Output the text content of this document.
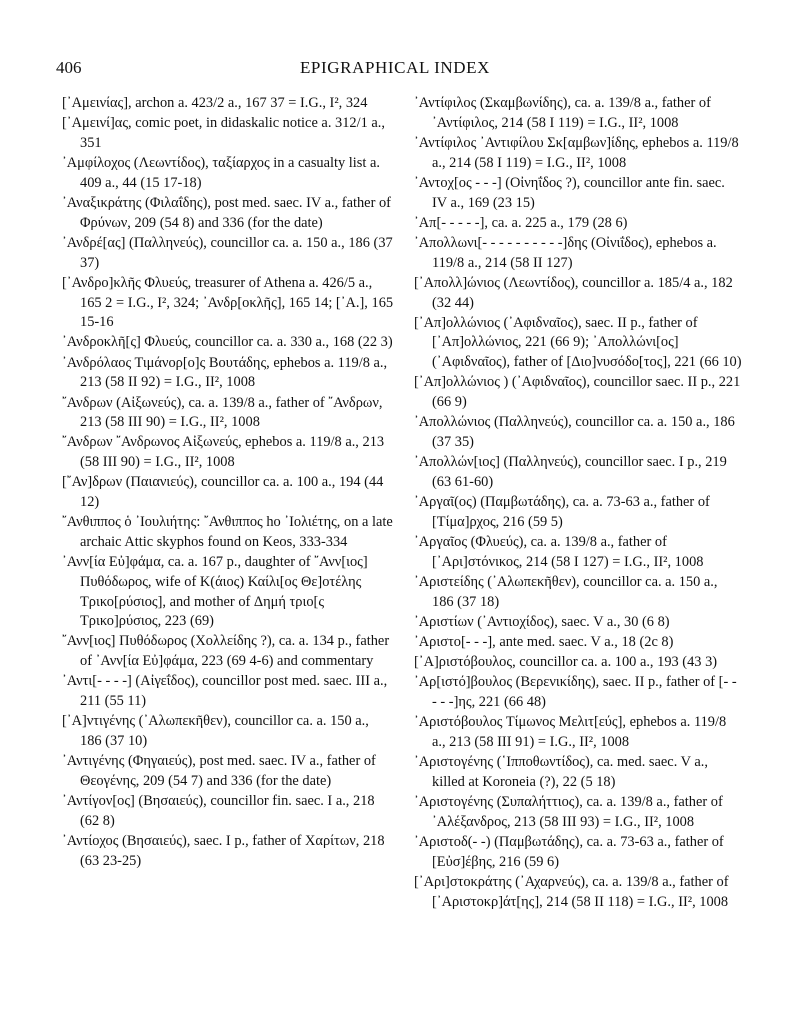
406	EPIGRAPHICAL INDEX

[᾿Αμεινίας], archon a. 423/2 a., 167 37 = I.G., I², 324

[᾿Αμεινί]ας, comic poet, in didaskalic notice a. 312/1 a., 351

᾿Αμφίλοχος (Λεωντίδος), ταξίαρχος in a casualty list a. 409 a., 44 (15 17-18)

᾿Αναξικράτης (Φιλαΐδης), post med. saec. IV a., father of Φρύνων, 209 (54 8) and 336 (for the date)

᾿Ανδρέ[ας] (Παλληνεύς), councillor ca. a. 150 a., 186 (37 37)

[᾿Ανδρο]κλῆς Φλυεύς, treasurer of Athena a. 426/5 a., 165 2 = I.G., I², 324; ᾿Ανδρ[οκλῆς], 165 14; [᾿Α.], 165 15-16

᾿Ανδροκλῆ[ς] Φλυεύς, councillor ca. a. 330 a., 168 (22 3)

᾿Ανδρόλαος Τιμάνορ[ο]ς Βουτάδης, ephebos a. 119/8 a., 213 (58 II 92) = I.G., II², 1008

῎Ανδρων (Αἰξωνεύς), ca. a. 139/8 a., father of ῎Ανδρων, 213 (58 III 90) = I.G., II², 1008

῎Ανδρων ῎Ανδρωνος Αἰξωνεύς, ephebos a. 119/8 a., 213 (58 III 90) = I.G., II², 1008

[῎Αν]δρων (Παιανιεύς), councillor ca. a. 100 a., 194 (44 12)

῎Ανθιππος ὁ ᾿Ιουλιήτης: ῎Ανθιππος ho ᾿Ιολιέτης, on a late archaic Attic skyphos found on Keos, 333-334

᾿Ανν[ία Εὐ]φάμα, ca. a. 167 p., daughter of ῎Ανν[ιος] Πυθόδωρος, wife of Κ(άιος) Καίλι[ος Θε]οτέλης Τρικο[ρύσιος], and mother of Δημή τριο[ς Τρικο]ρύσιος, 223 (69)

῎Ανν[ιος] Πυθόδωρος (Χολλείδης ?), ca. a. 134 p., father of ᾿Ανν[ία Εὐ]φάμα, 223 (69 4-6) and commentary

᾿Αντι[- - - -] (Αἰγεΐδος), councillor post med. saec. III a., 211 (55 11)

[᾿Α]ντιγένης (᾿Αλωπεκῆθεν), councillor ca. a. 150 a., 186 (37 10)

᾿Αντιγένης (Φηγαιεύς), post med. saec. IV a., father of Θεογένης, 209 (54 7) and 336 (for the date)

᾿Αντίγον[ος] (Βησαιεύς), councillor fin. saec. I a., 218 (62 8)

᾿Αντίοχος (Βησαιεύς), saec. I p., father of Χαρίτων, 218 (63 23-25)

᾿Αντίφιλος (Σκαμβωνίδης), ca. a. 139/8 a., father of ᾿Αντίφιλος, 214 (58 I 119) = I.G., II², 1008

᾿Αντίφιλος ᾿Αντιφίλου Σκ[αμβων]ίδης, ephebos a. 119/8 a., 214 (58 I 119) = I.G., II², 1008

᾿Αντοχ[ος - - -] (Οἰνηΐδος ?), councillor ante fin. saec. IV a., 169 (23 15)

᾿Απ[- - - - -], ca. a. 225 a., 179 (28 6)

᾿Απολλωνι[- - - - - - - - - -]δης (Οἰνιΐδος), ephebos a. 119/8 a., 214 (58 II 127)

[᾿Απολλ]ώνιος (Λεωντίδος), councillor a. 185/4 a., 182 (32 44)

[᾿Απ]ολλώνιος (᾿Αφιδναῖος), saec. II p., father of [᾿Απ]ολλώνιος, 221 (66 9); ᾿Απολλώνι[ος] (᾿Αφιδναῖος), father of [Διο]νυσόδο[τος], 221 (66 10)

[᾿Απ]ολλώνιος ) (᾿Αφιδναῖος), councillor saec. II p., 221 (66 9)

᾿Απολλώνιος (Παλληνεύς), councillor ca. a. 150 a., 186 (37 35)

᾿Απολλών[ιος] (Παλληνεύς), councillor saec. I p., 219 (63 61-60)

᾿Αργαῖ(ος) (Παμβωτάδης), ca. a. 73-63 a., father of [Τίμα]ρχος, 216 (59 5)

᾿Αργαῖος (Φλυεύς), ca. a. 139/8 a., father of [᾿Αρι]στόνικος, 214 (58 I 127) = I.G., II², 1008

᾿Αριστείδης (᾿Αλωπεκῆθεν), councillor ca. a. 150 a., 186 (37 18)

᾿Αριστίων (᾿Αντιοχίδος), saec. V a., 30 (6 8)

᾿Αριστο[- - -], ante med. saec. V a., 18 (2c 8)

[᾿Α]ριστόβουλος, councillor ca. a. 100 a., 193 (43 3)

᾿Αρ[ιστό]βουλος (Βερενικίδης), saec. II p., father of [- - - - -]ης, 221 (66 48)

᾿Αριστόβουλος Τίμωνος Μελιτ[εύς], ephebos a. 119/8 a., 213 (58 III 91) = I.G., II², 1008

᾿Αριστογένης (῾Ιπποθωντίδος), ca. med. saec. V a., killed at Koroneia (?), 22 (5 18)

᾿Αριστογένης (Συπαλήττιος), ca. a. 139/8 a., father of ᾿Αλέξανδρος, 213 (58 III 93) = I.G., II², 1008

᾿Αριστοδ(- -) (Παμβωτάδης), ca. a. 73-63 a., father of [Εὐσ]έβης, 216 (59 6)

[᾿Αρι]στοκράτης (᾿Αχαρνεύς), ca. a. 139/8 a., father of [᾿Αριστοκρ]άτ[ης], 214 (58 II 118) = I.G., II², 1008
